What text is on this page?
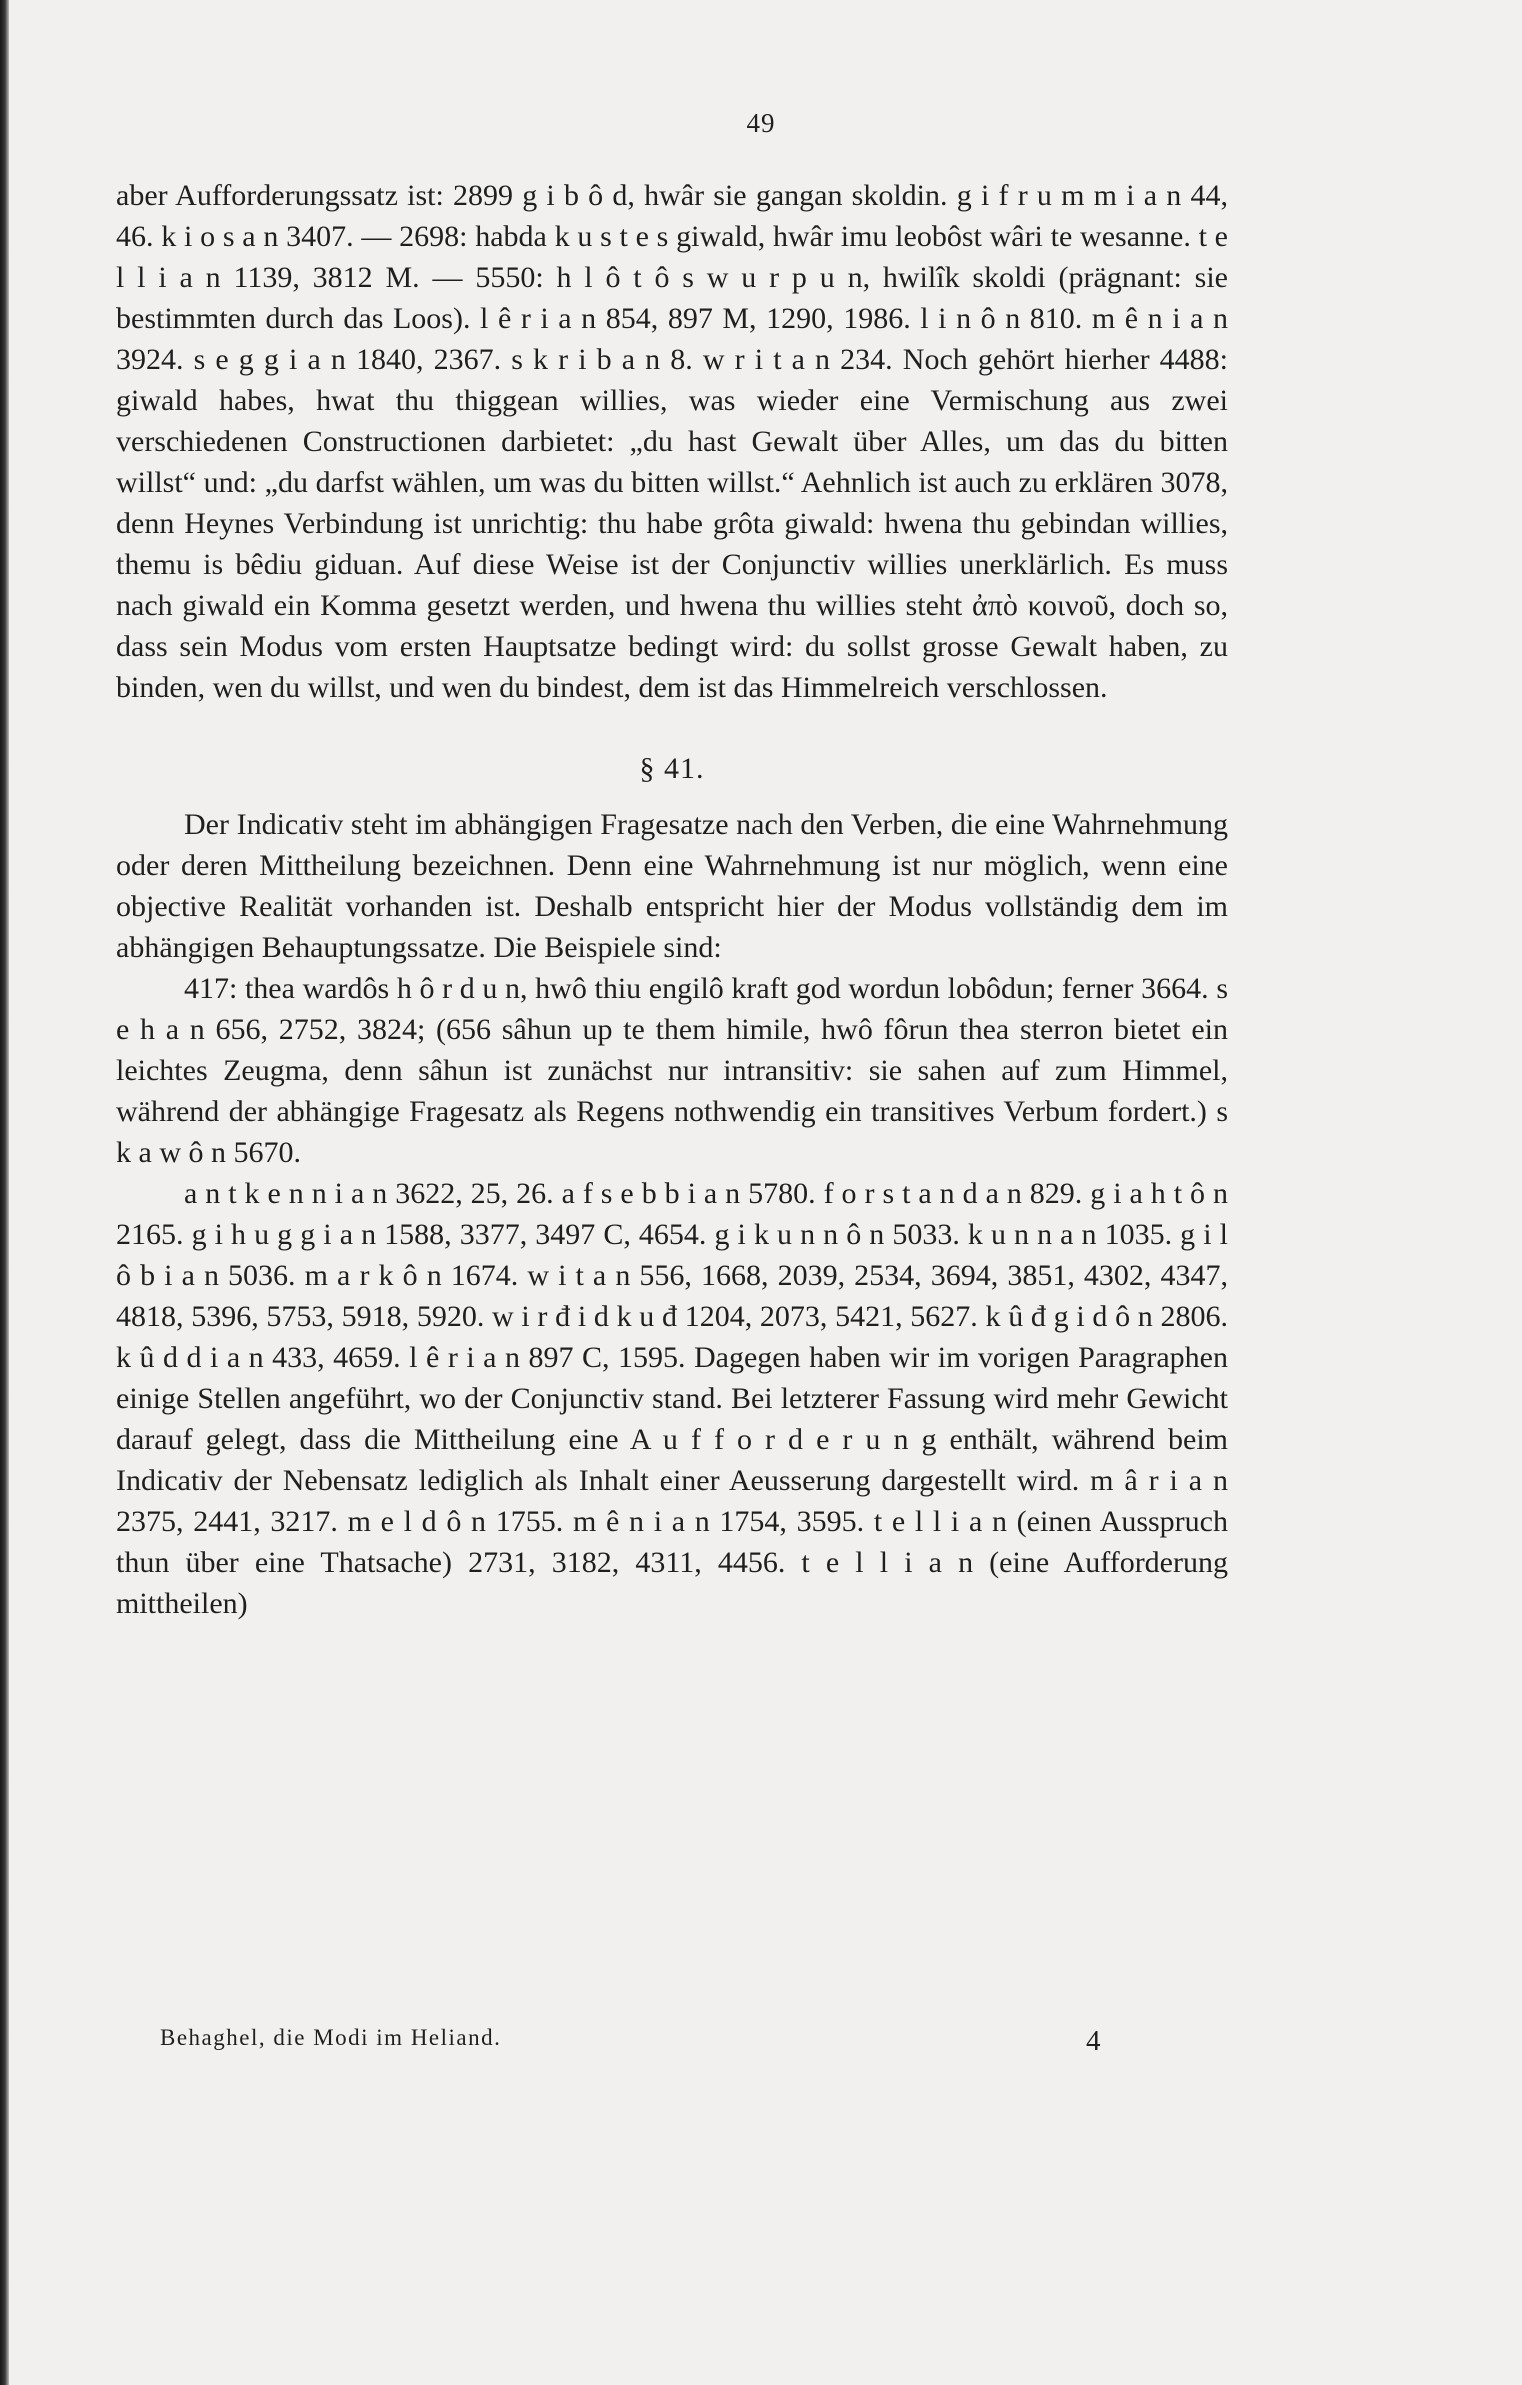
49

aber Aufforderungssatz ist: 2899 g i b ô d, hwâr sie gangan skoldin. g i f r u m m i a n 44, 46. k i o s a n 3407. — 2698: habda k u s t e s giwald, hwâr imu leobôst wâri te wesanne. t e l l i a n 1139, 3812 M. — 5550: h l ô t ô s w u r p u n, hwilîk skoldi (prägnant: sie bestimmten durch das Loos). l ê r i a n 854, 897 M, 1290, 1986. l i n ô n 810. m ê n i a n 3924. s e g g i a n 1840, 2367. s k r i b a n 8. w r i t a n 234. Noch gehört hierher 4488: giwald habes, hwat thu thiggean willies, was wieder eine Vermischung aus zwei verschiedenen Constructionen darbietet: „du hast Gewalt über Alles, um das du bitten willst“ und: „du darfst wählen, um was du bitten willst.“ Aehnlich ist auch zu erklären 3078, denn Heynes Verbindung ist unrichtig: thu habe grôta giwald: hwena thu gebindan willies, themu is bêdiu giduan. Auf diese Weise ist der Conjunctiv willies unerklärlich. Es muss nach giwald ein Komma gesetzt werden, und hwena thu willies steht ἀπὸ κοινοῦ, doch so, dass sein Modus vom ersten Hauptsatze bedingt wird: du sollst grosse Gewalt haben, zu binden, wen du willst, und wen du bindest, dem ist das Himmelreich verschlossen.

§ 41.

Der Indicativ steht im abhängigen Fragesatze nach den Verben, die eine Wahrnehmung oder deren Mittheilung bezeichnen. Denn eine Wahrnehmung ist nur möglich, wenn eine objective Realität vorhanden ist. Deshalb entspricht hier der Modus vollständig dem im abhängigen Behauptungssatze. Die Beispiele sind:

417: thea wardôs h ô r d u n, hwô thiu engilô kraft god wordun lobôdun; ferner 3664. s e h a n 656, 2752, 3824; (656 sâhun up te them himile, hwô fôrun thea sterron bietet ein leichtes Zeugma, denn sâhun ist zunächst nur intransitiv: sie sahen auf zum Himmel, während der abhängige Fragesatz als Regens nothwendig ein transitives Verbum fordert.) s k a w ô n 5670.

a n t k e n n i a n 3622, 25, 26. a f s e b b i a n 5780. f o r s t a n d a n 829. g i a h t ô n 2165. g i h u g g i a n 1588, 3377, 3497 C, 4654. g i k u n n ô n 5033. k u n n a n 1035. g i l ô b i a n 5036. m a r k ô n 1674. w i t a n 556, 1668, 2039, 2534, 3694, 3851, 4302, 4347, 4818, 5396, 5753, 5918, 5920. w i r đ i d k u đ 1204, 2073, 5421, 5627. k û đ g i d ô n 2806. k û d d i a n 433, 4659. l ê r i a n 897 C, 1595. Dagegen haben wir im vorigen Paragraphen einige Stellen angeführt, wo der Conjunctiv stand. Bei letzterer Fassung wird mehr Gewicht darauf gelegt, dass die Mittheilung eine A u f f o r d e r u n g enthält, während beim Indicativ der Nebensatz lediglich als Inhalt einer Aeusserung dargestellt wird. m â r i a n 2375, 2441, 3217. m e l d ô n 1755. m ê n i a n 1754, 3595. t e l l i a n (einen Ausspruch thun über eine Thatsache) 2731, 3182, 4311, 4456. t e l l i a n (eine Aufforderung mittheilen)

Behaghel, die Modi im Heliand.	4
